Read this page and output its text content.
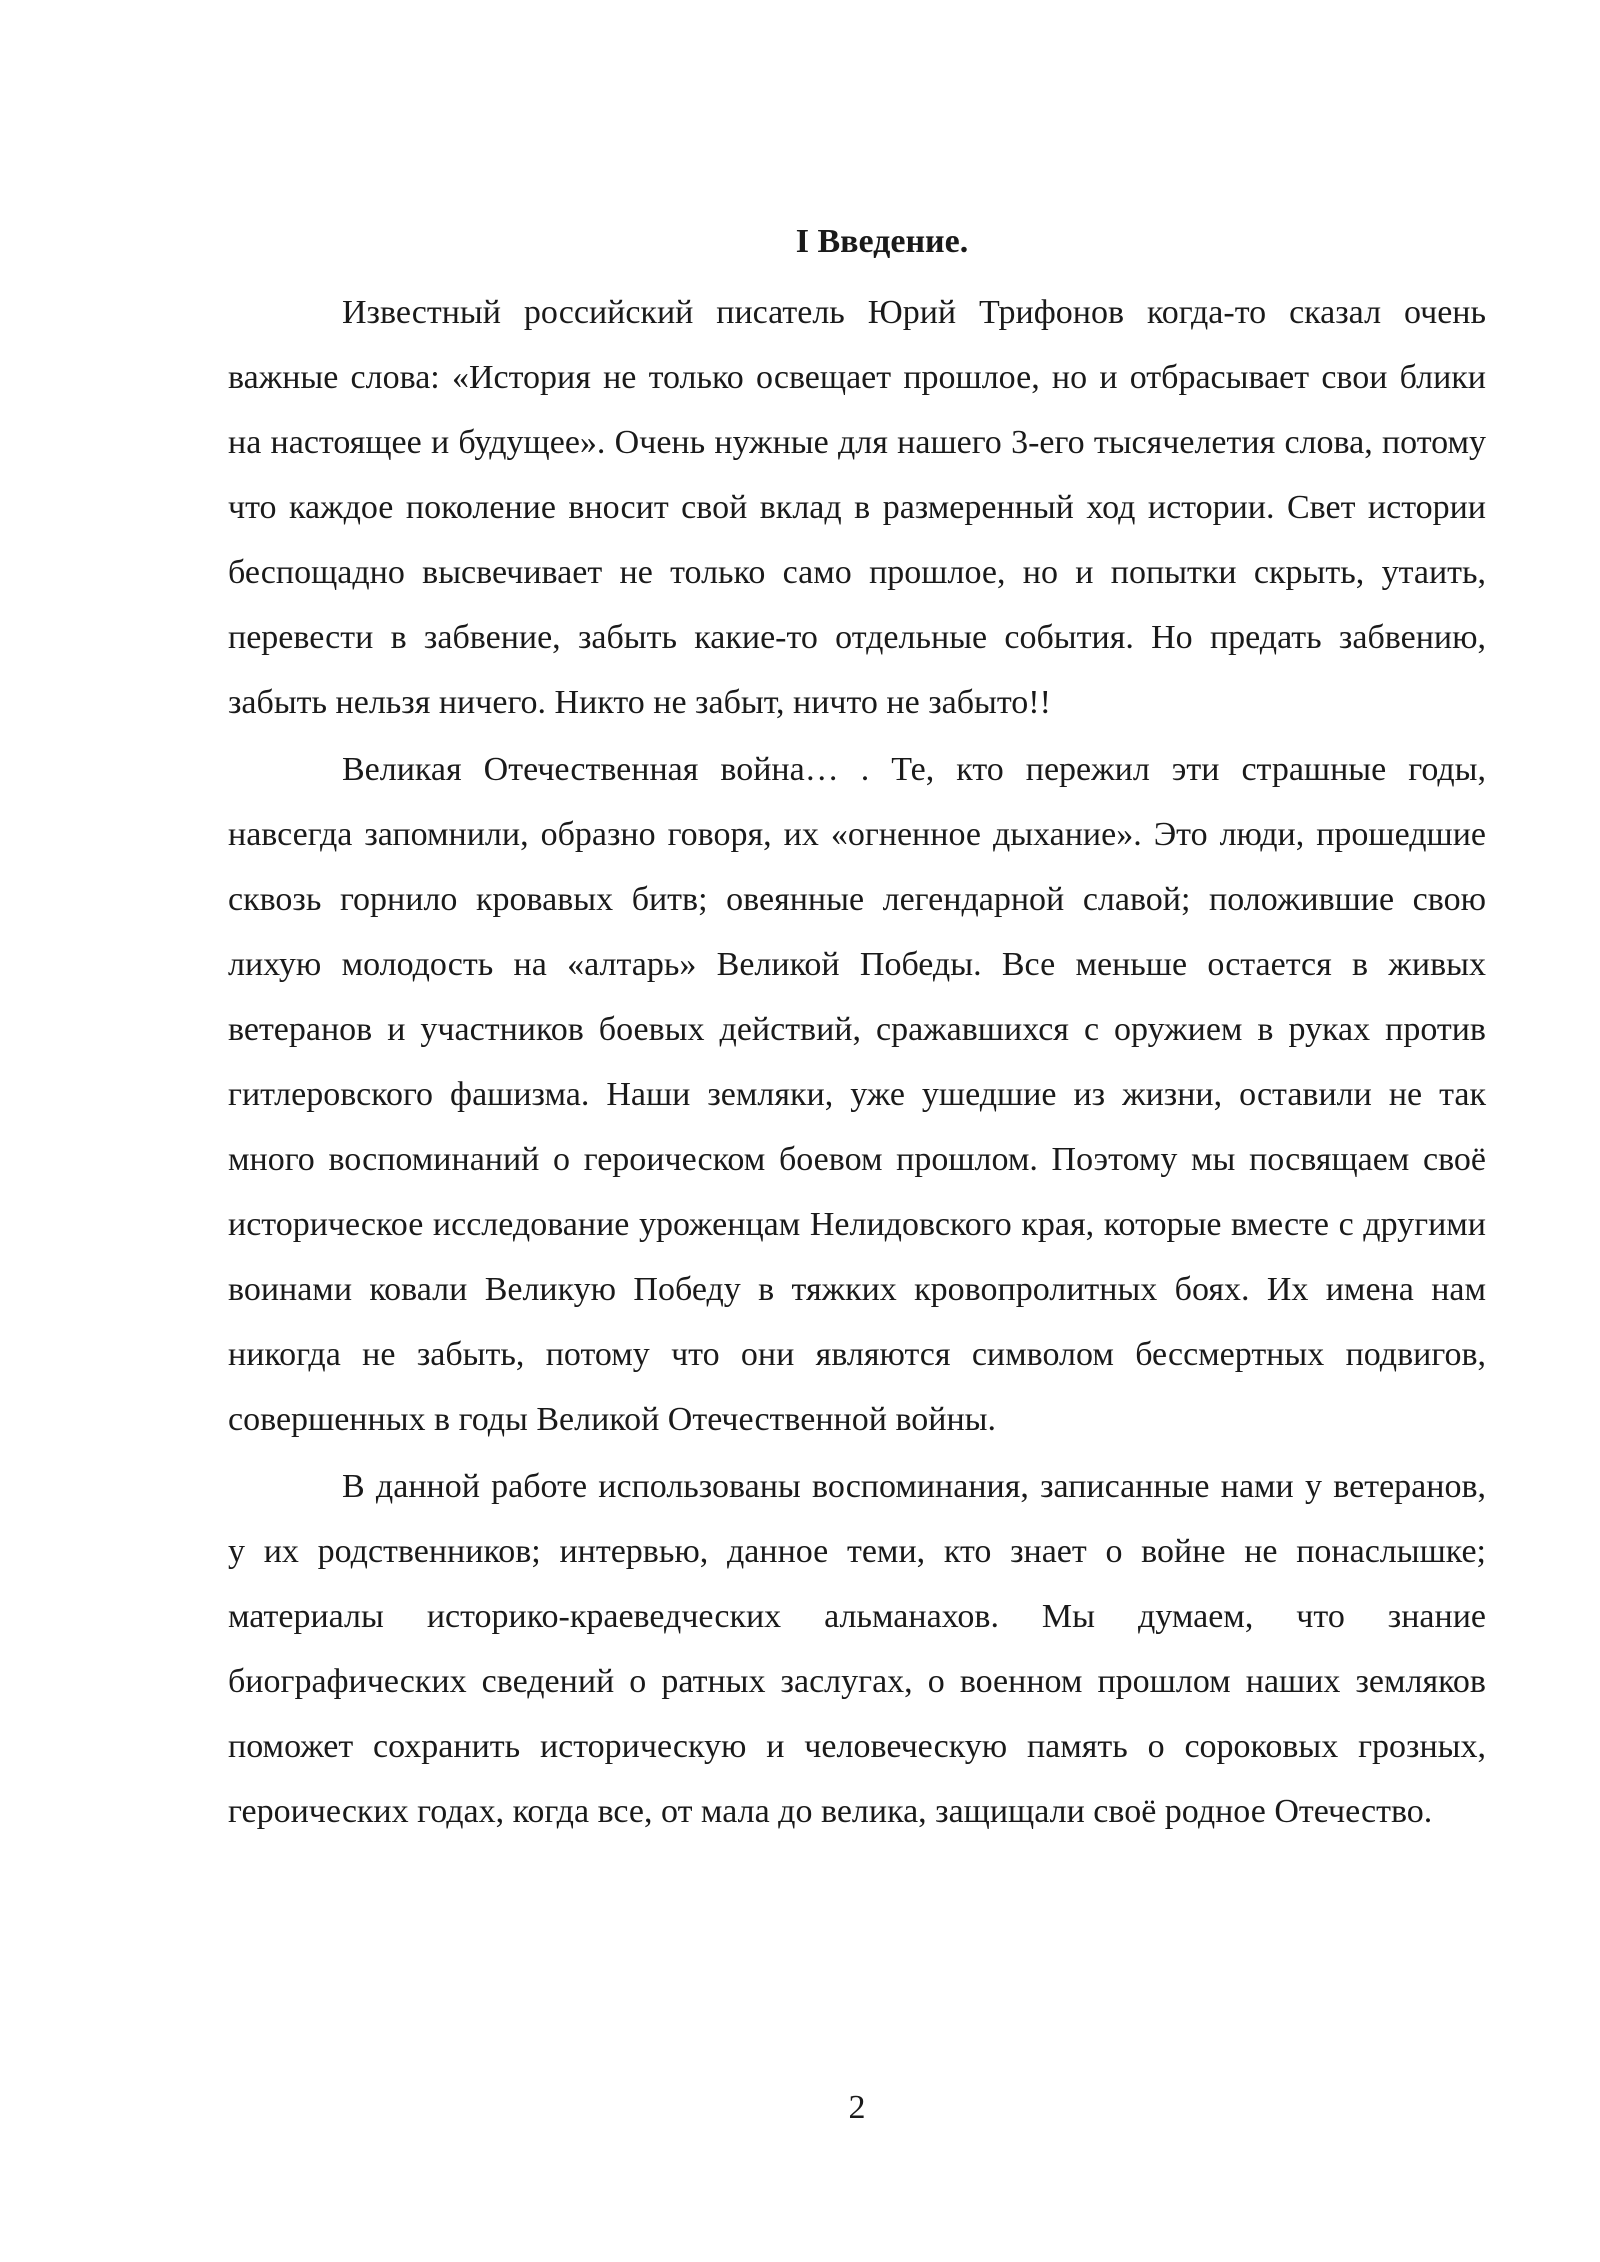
I Введение.

Известный российский писатель Юрий Трифонов когда-то сказал очень важные слова: «История не только освещает прошлое, но и отбрасывает свои блики на настоящее и будущее». Очень нужные для нашего 3-его тысячелетия слова, потому что каждое поколение вносит свой вклад в размеренный ход истории. Свет истории беспощадно высвечивает не только само прошлое, но и попытки скрыть, утаить, перевести в забвение, забыть какие-то отдельные события. Но предать забвению, забыть нельзя ничего. Никто не забыт, ничто не забыто!!

Великая Отечественная война… . Те, кто пережил эти страшные годы, навсегда запомнили, образно говоря, их «огненное дыхание». Это люди, прошедшие сквозь горнило кровавых битв; овеянные легендарной славой; положившие свою лихую молодость на «алтарь» Великой Победы. Все меньше остается в живых ветеранов и участников боевых действий, сражавшихся с оружием в руках против гитлеровского фашизма. Наши земляки, уже ушедшие из жизни, оставили не так много воспоминаний о героическом боевом прошлом. Поэтому мы посвящаем своё историческое исследование уроженцам Нелидовского края, которые вместе с другими воинами ковали Великую Победу в тяжких кровопролитных боях. Их имена нам никогда не забыть, потому что они являются символом бессмертных подвигов, совершенных в годы Великой Отечественной войны.

В данной работе использованы воспоминания, записанные нами у ветеранов, у их родственников; интервью, данное теми, кто знает о войне не понаслышке; материалы историко-краеведческих альманахов. Мы думаем, что знание биографических сведений о ратных заслугах, о военном прошлом наших земляков поможет сохранить историческую и человеческую память о сороковых грозных, героических годах, когда все, от мала до велика, защищали своё родное Отечество.

2
